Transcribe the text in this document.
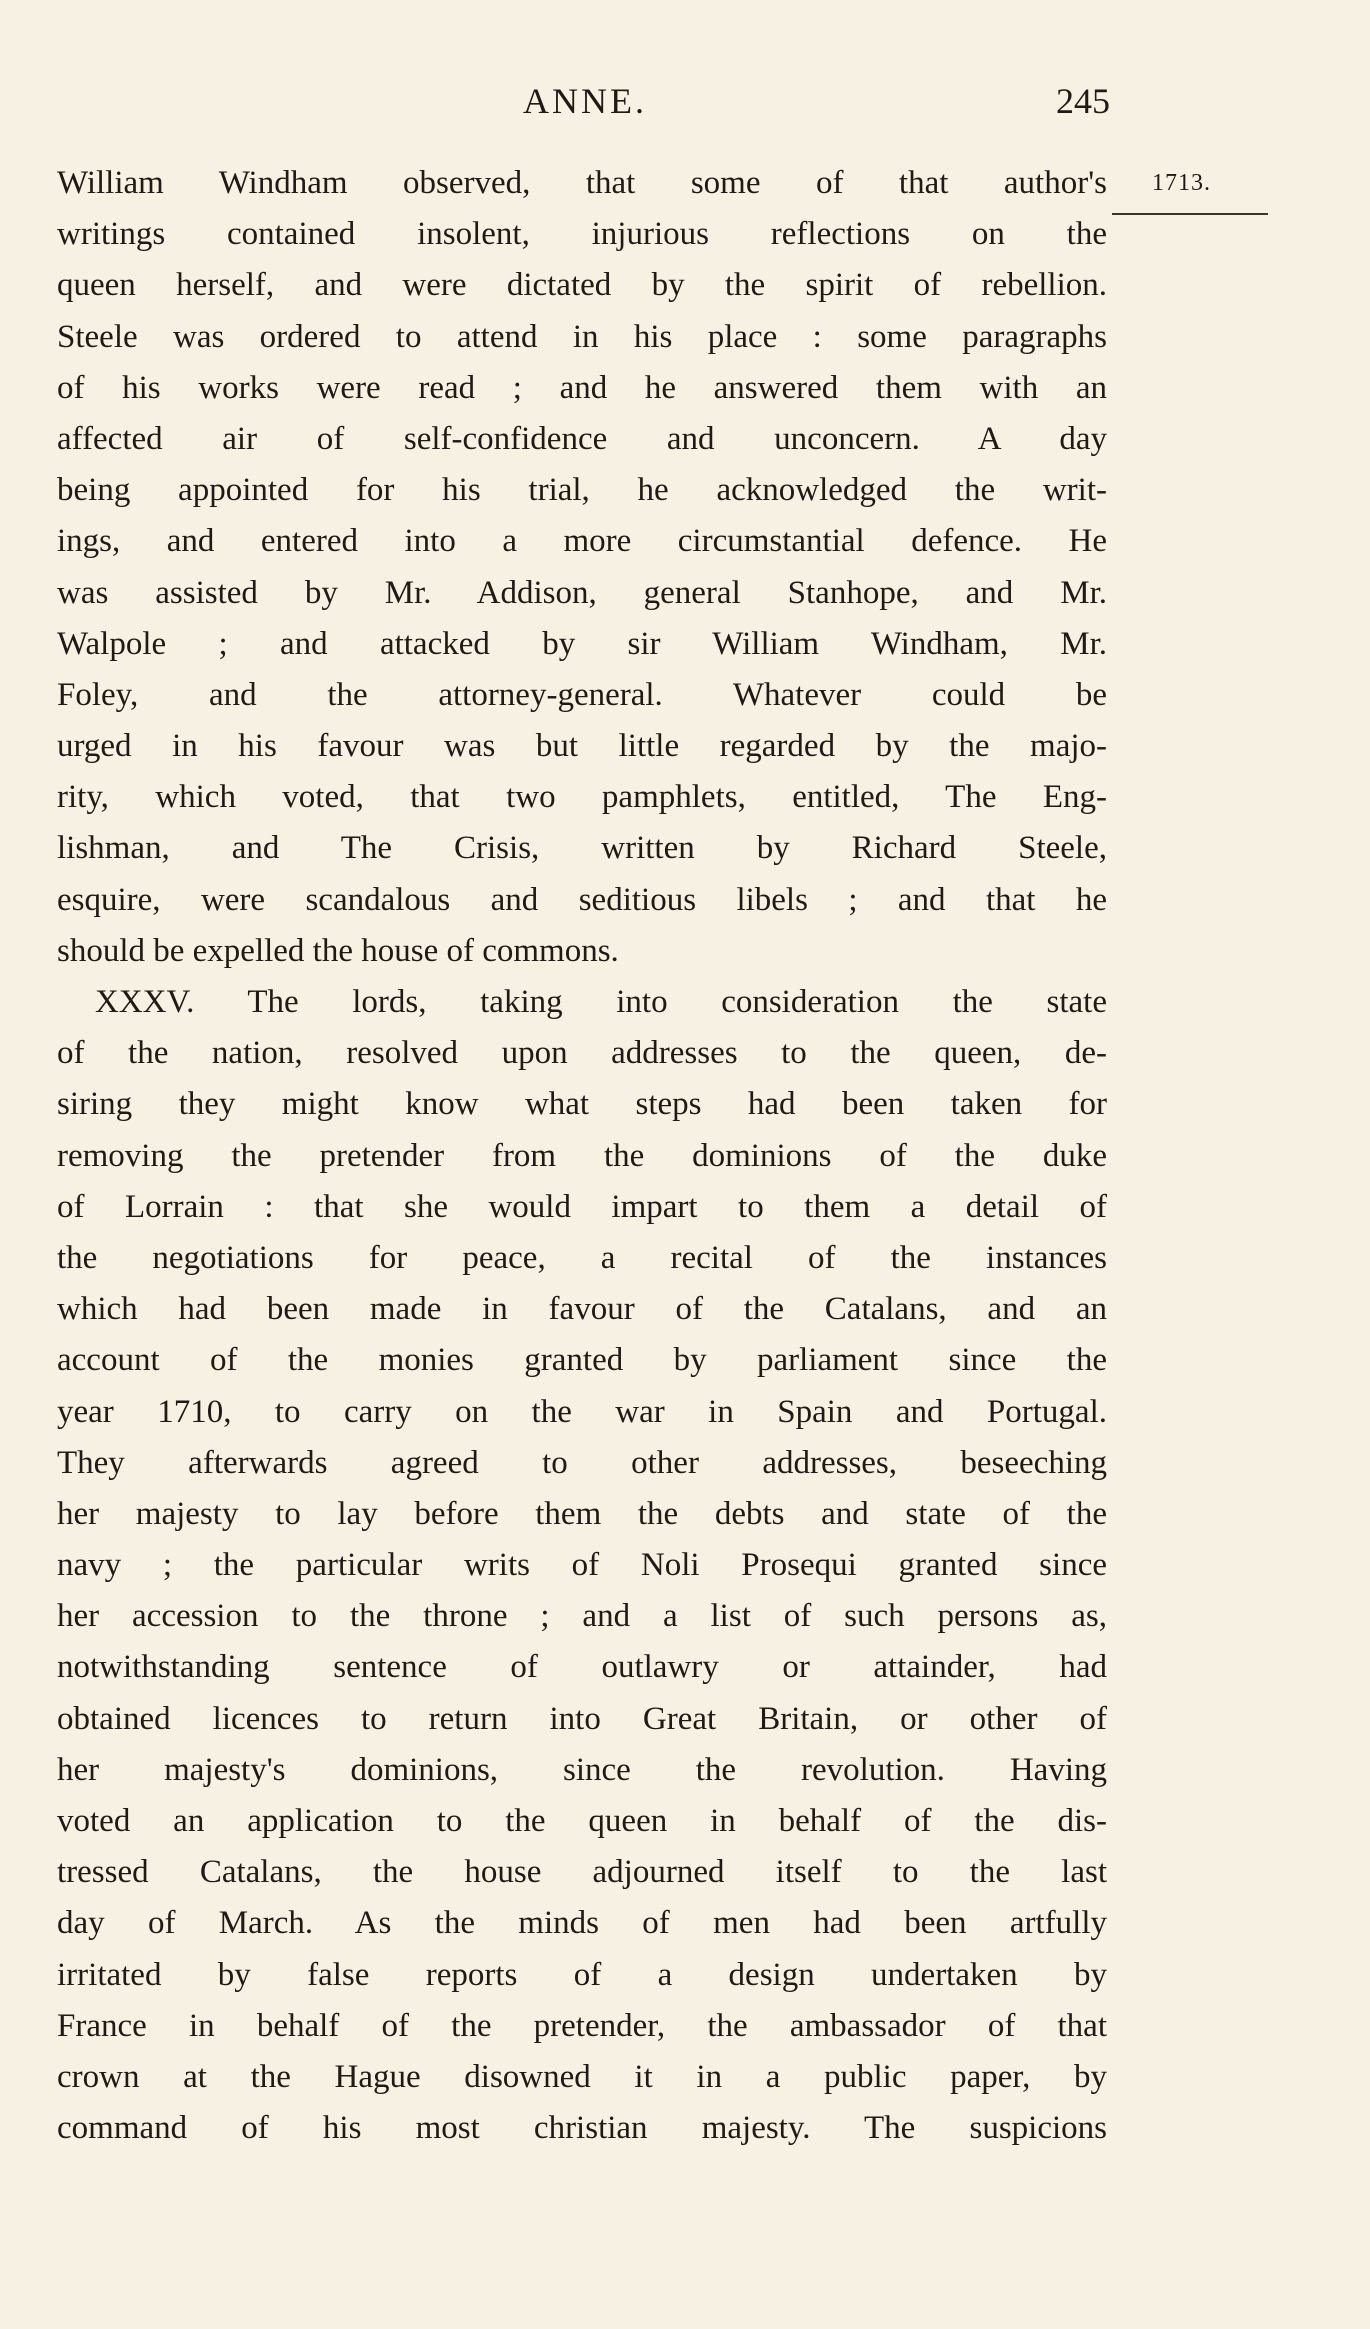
ANNE.	245
1713.
William Windham observed, that some of that author's
writings contained insolent, injurious reflections on the
queen herself, and were dictated by the spirit of rebellion.
Steele was ordered to attend in his place : some paragraphs
of his works were read ; and he answered them with an
affected air of self-confidence and unconcern. A day
being appointed for his trial, he acknowledged the writ-
ings, and entered into a more circumstantial defence. He
was assisted by Mr. Addison, general Stanhope, and Mr.
Walpole ; and attacked by sir William Windham, Mr.
Foley, and the attorney-general. Whatever could be
urged in his favour was but little regarded by the majo-
rity, which voted, that two pamphlets, entitled, The Eng-
lishman, and The Crisis, written by Richard Steele,
esquire, were scandalous and seditious libels ; and that he
should be expelled the house of commons.
XXXV. The lords, taking into consideration the state
of the nation, resolved upon addresses to the queen, de-
siring they might know what steps had been taken for
removing the pretender from the dominions of the duke
of Lorrain : that she would impart to them a detail of
the negotiations for peace, a recital of the instances
which had been made in favour of the Catalans, and an
account of the monies granted by parliament since the
year 1710, to carry on the war in Spain and Portugal.
They afterwards agreed to other addresses, beseeching
her majesty to lay before them the debts and state of the
navy ; the particular writs of Noli Prosequi granted since
her accession to the throne ; and a list of such persons as,
notwithstanding sentence of outlawry or attainder, had
obtained licences to return into Great Britain, or other of
her majesty's dominions, since the revolution. Having
voted an application to the queen in behalf of the dis-
tressed Catalans, the house adjourned itself to the last
day of March. As the minds of men had been artfully
irritated by false reports of a design undertaken by
France in behalf of the pretender, the ambassador of that
crown at the Hague disowned it in a public paper, by
command of his most christian majesty. The suspicions
